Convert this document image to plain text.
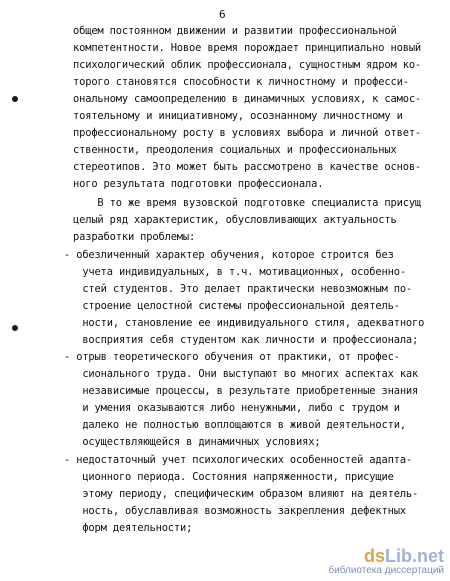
6
общем постоянном движении и развитии профессиональной
компетентности. Новое время порождает принципиально новый
психологический облик профессионала, сущностным ядром ко-
торого становятся способности к личностному и професси-
ональному самоопределению в динамичных условиях, к самос-
тоятельному и инициативному, осознанному личностному и
профессиональному росту в условиях выбора и личной ответ-
ственности, преодоления социальных и профессиональных
стереотипов. Это может быть рассмотрено в качестве основ-
ного результата подготовки профессионала.
В то же время вузовской подготовке специалиста присущ
целый ряд характеристик, обусловливающих актуальность
разработки проблемы:
- обезличенный характер обучения, которое строится без
учета индивидуальных, в т.ч. мотивационных, особенно-
стей студентов. Это делает практически невозможным по-
строение целостной системы профессиональной деятель-
ности, становление ее индивидуального стиля, адекватного
восприятия себя студентом как личности и профессионала;
- отрыв теоретического обучения от практики, от профес-
сионального труда. Они выступают во многих аспектах как
независимые процессы, в результате приобретенные знания
и умения оказываются либо ненужными, либо с трудом и
далеко не полностью воплощаются в живой деятельности,
осуществляющейся в динамичных условиях;
- недостаточный учет психологических особенностей адапта-
ционного периода. Состояния напряженности, присущие
этому периоду, специфическим образом влияют на деятель-
ность, обуславливая возможность закрепления дефектных
форм деятельности;
dsLib.net
библиотека диссертаций
